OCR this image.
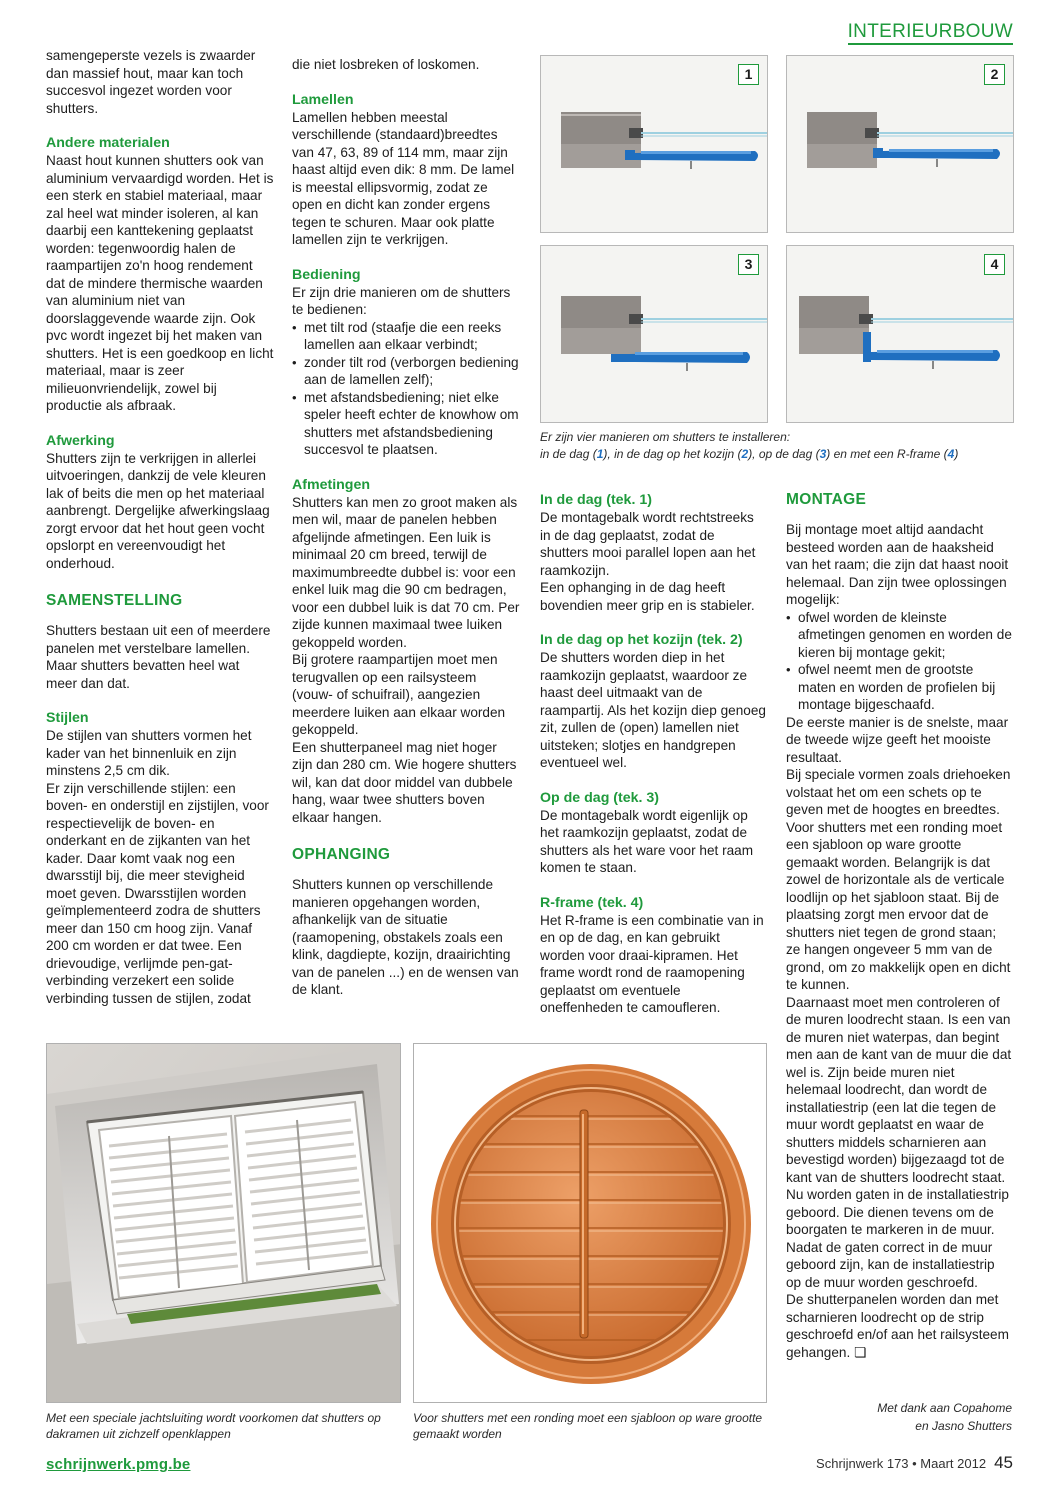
INTERIEURBOUW

samengeperste vezels is zwaarder dan massief hout, maar kan toch succesvol ingezet worden voor shutters.

Andere materialen

Naast hout kunnen shutters ook van aluminium vervaardigd worden. Het is een sterk en stabiel materiaal, maar zal heel wat minder isoleren, al kan daarbij een kanttekening geplaatst worden: tegenwoordig halen de raampartijen zo'n hoog rendement dat de mindere thermische waarden van aluminium niet van doorslaggevende waarde zijn. Ook pvc wordt ingezet bij het maken van shutters. Het is een goedkoop en licht materiaal, maar is zeer milieuonvriendelijk, zowel bij productie als afbraak.

Afwerking

Shutters zijn te verkrijgen in allerlei uitvoeringen, dankzij de vele kleuren lak of beits die men op het materiaal aanbrengt. Dergelijke afwerkingslaag zorgt ervoor dat het hout geen vocht opslorpt en vereenvoudigt het onderhoud.

SAMENSTELLING

Shutters bestaan uit een of meerdere panelen met verstelbare lamellen. Maar shutters bevatten heel wat meer dan dat.

Stijlen

De stijlen van shutters vormen het kader van het binnenluik en zijn minstens 2,5 cm dik.

Er zijn verschillende stijlen: een boven- en onderstijl en zijstijlen, voor respectievelijk de boven- en onderkant en de zijkanten van het kader. Daar komt vaak nog een dwarsstijl bij, die meer stevigheid moet geven. Dwarsstijlen worden geïmplementeerd zodra de shutters meer dan 150 cm hoog zijn. Vanaf 200 cm worden er dat twee. Een drievoudige, verlijmde pen-gat-verbinding verzekert een solide verbinding tussen de stijlen, zodat

die niet losbreken of loskomen.

Lamellen

Lamellen hebben meestal verschillende (standaard)breedtes van 47, 63, 89 of 114 mm, maar zijn haast altijd even dik: 8 mm. De lamel is meestal ellipsvormig, zodat ze open en dicht kan zonder ergens tegen te schuren. Maar ook platte lamellen zijn te verkrijgen.

Bediening

Er zijn drie manieren om de shutters te bedienen:

• met tilt rod (staafje die een reeks lamellen aan elkaar verbindt;
• zonder tilt rod (verborgen bediening aan de lamellen zelf);
• met afstandsbediening; niet elke speler heeft echter de knowhow om shutters met afstandsbediening succesvol te plaatsen.
Afmetingen

Shutters kan men zo groot maken als men wil, maar de panelen hebben afgelijnde afmetingen. Een luik is minimaal 20 cm breed, terwijl de maximumbreedte dubbel is: voor een enkel luik mag die 90 cm bedragen, voor een dubbel luik is dat 70 cm. Per zijde kunnen maximaal twee luiken gekoppeld worden.

Bij grotere raampartijen moet men terugvallen op een railsysteem (vouw- of schuifrail), aangezien meerdere luiken aan elkaar worden gekoppeld.

Een shutterpaneel mag niet hoger zijn dan 280 cm. Wie hogere shutters wil, kan dat door middel van dubbele hang, waar twee shutters boven elkaar hangen.

OPHANGING

Shutters kunnen op verschillende manieren opgehangen worden, afhankelijk van de situatie (raamopening, obstakels zoals een klink, dagdiepte, kozijn, draairichting van de panelen ...) en de wensen van de klant.

1	2
3	4
Er zijn vier manieren om shutters te installeren:
in de dag (1), in de dag op het kozijn (2), op de dag (3) en met een R-frame (4)
In de dag (tek. 1)

De montagebalk wordt rechtstreeks in de dag geplaatst, zodat de shutters mooi parallel lopen aan het raamkozijn.

Een ophanging in de dag heeft bovendien meer grip en is stabieler.

In de dag op het kozijn (tek. 2)

De shutters worden diep in het raamkozijn geplaatst, waardoor ze haast deel uitmaakt van de raampartij. Als het kozijn diep genoeg zit, zullen de (open) lamellen niet uitsteken; slotjes en handgrepen eventueel wel.

Op de dag (tek. 3)

De montagebalk wordt eigenlijk op het raamkozijn geplaatst, zodat de shutters als het ware voor het raam komen te staan.

R-frame (tek. 4)

Het R-frame is een combinatie van in en op de dag, en kan gebruikt worden voor draai-kipramen. Het frame wordt rond de raamopening geplaatst om eventuele oneffenheden te camoufleren.

MONTAGE

Bij montage moet altijd aandacht besteed worden aan de haaksheid van het raam; die zijn dat haast nooit helemaal. Dan zijn twee oplossingen mogelijk:

• ofwel worden de kleinste afmetingen genomen en worden de kieren bij montage gekit;
• ofwel neemt men de grootste maten en worden de profielen bij montage bijgeschaafd.

De eerste manier is de snelste, maar de tweede wijze geeft het mooiste resultaat.

Bij speciale vormen zoals driehoeken volstaat het om een schets op te geven met de hoogtes en breedtes. Voor shutters met een ronding moet een sjabloon op ware grootte gemaakt worden. Belangrijk is dat zowel de horizontale als de verticale loodlijn op het sjabloon staat. Bij de plaatsing zorgt men ervoor dat de shutters niet tegen de grond staan; ze hangen ongeveer 5 mm van de grond, om zo makkelijk open en dicht te kunnen.

Daarnaast moet men controleren of de muren loodrecht staan. Is een van de muren niet waterpas, dan begint men aan de kant van de muur die dat wel is. Zijn beide muren niet helemaal loodrecht, dan wordt de installatiestrip (een lat die tegen de muur wordt geplaatst en waar de shutters middels scharnieren aan bevestigd worden) bijgezaagd tot de kant van de shutters loodrecht staat. Nu worden gaten in de installatiestrip geboord. Die dienen tevens om de boorgaten te markeren in de muur. Nadat de gaten correct in de muur geboord zijn, kan de installatiestrip op de muur worden geschroefd.

De shutterpanelen worden dan met scharnieren loodrecht op de strip geschroefd en/of aan het railsysteem gehangen. ❏

Met een speciale jachtsluiting wordt voorkomen dat shutters op dakramen uit zichzelf openklappen
Voor shutters met een ronding moet een sjabloon op ware grootte gemaakt worden
Met dank aan Copahome
en Jasno Shutters
schrijnwerk.pmg.be	Schrijnwerk 173 • Maart 2012 45
